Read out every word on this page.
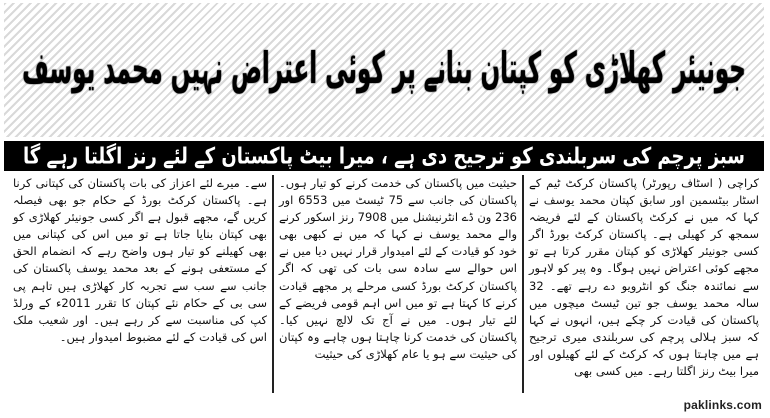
جونیئر کھلاڑی کو کپتان بنانے پر کوئی اعتراض نہیں محمد یوسف
سبز پرچم کی سربلندی کو ترجیح دی ہے ، میرا بیٹ پاکستان کے لئے رنز اگلتا رہے گا

کراچی ( اسٹاف رپورٹر) پاکستان کرکٹ ٹیم کے اسٹار بیٹسمین اور سابق کپتان محمد یوسف نے کہا کہ میں نے کرکٹ پاکستان کے لئے فریضہ سمجھ کر کھیلی ہے۔ پاکستان کرکٹ بورڈ اگر کسی جونیئر کھلاڑی کو کپتان مقرر کرتا ہے تو مجھے کوئی اعتراض نہیں ہوگا۔ وہ پیر کو لاہور سے نمائندہ جنگ کو انٹرویو دے رہے تھے۔ 32 سالہ محمد یوسف جو تین ٹیسٹ میچوں میں پاکستان کی قیادت کر چکے ہیں، انہوں نے کہا کہ سبز ہلالی پرچم کی سربلندی میری ترجیح ہے میں چاہتا ہوں کہ کرکٹ کے لئے کھیلوں اور میرا بیٹ رنز اگلتا رہے۔ میں کسی بھی

حیثیت میں پاکستان کی خدمت کرنے کو تیار ہوں۔ پاکستان کی جانب سے 75 ٹیسٹ میں 6553 اور 236 ون ڈے انٹرنیشنل میں 7908 رنز اسکور کرنے والے محمد یوسف نے کہا کہ میں نے کبھی بھی خود کو قیادت کے لئے امیدوار قرار نہیں دیا میں نے اس حوالے سے سادہ سی بات کی تھی کہ اگر پاکستان کرکٹ بورڈ کسی مرحلے پر مجھے قیادت کرنے کا کہتا ہے تو میں اس اہم قومی فریضے کے لئے تیار ہوں۔ میں نے آج تک لالچ نہیں کیا۔ پاکستان کی خدمت کرنا چاہتا ہوں چاہے وہ کپتان کی حیثیت سے ہو یا عام کھلاڑی کی حیثیت

سے۔ میرے لئے اعزاز کی بات پاکستان کی کپتانی کرنا ہے۔ پاکستان کرکٹ بورڈ کے حکام جو بھی فیصلہ کریں گے، مجھے قبول ہے اگر کسی جونیئر کھلاڑی کو بھی کپتان بنایا جاتا ہے تو میں اس کی کپتانی میں بھی کھیلنے کو تیار ہوں واضح رہے کہ انضمام الحق کے مستعفی ہونے کے بعد محمد یوسف پاکستان کی جانب سے سب سے تجربہ کار کھلاڑی ہیں تاہم پی سی بی کے حکام نئے کپتان کا تقرر 2011ء کے ورلڈ کپ کی مناسبت سے کر رہے ہیں۔ اور شعیب ملک اس کی قیادت کے لئے مضبوط امیدوار ہیں۔

paklinks.com
